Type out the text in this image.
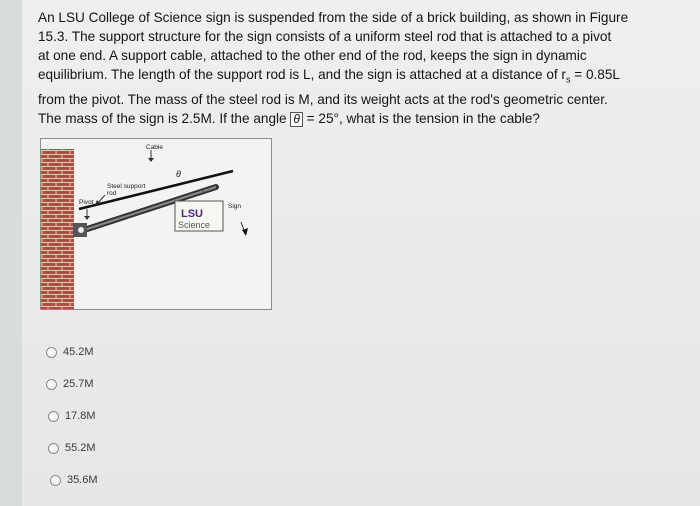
An LSU College of Science sign is suspended from the side of a brick building, as shown in Figure
15.3. The support structure for the sign consists of a uniform steel rod that is attached to a pivot
at one end. A support cable, attached to the other end of the rod, keeps the sign in dynamic
equilibrium. The length of the support rod is L, and the sign is attached at a distance of $r_s = 0.85L$
from the pivot. The mass of the steel rod is M, and its weight acts at the rod's geometric center.
The mass of the sign is 2.5M. If the angle θ = 25°, what is the tension in the cable?
Cable
Steel support
rod
Pivot
θ
Sign
LSU
Science
45.2M
25.7M
17.8M
55.2M
35.6M
